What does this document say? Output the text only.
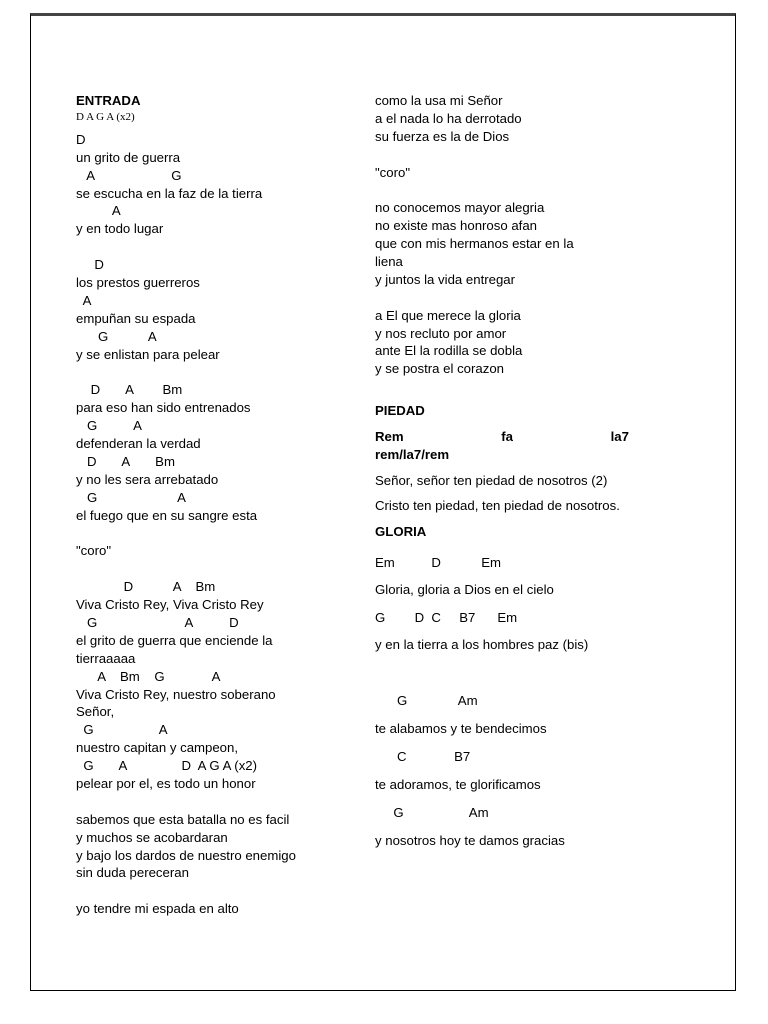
ENTRADA
D A G A (x2)
D
un grito de guerra
A                     G
se escucha en la faz de la tierra
A
y en todo lugar
D
los prestos guerreros
A
empuñan su espada
G           A
y se enlistan para pelear
D       A        Bm
para eso han sido entrenados
G          A
defenderan la verdad
D       A       Bm
y no les sera arrebatado
G                      A
el fuego que en su sangre esta
"coro"
D           A    Bm
Viva Cristo Rey, Viva Cristo Rey
G                        A          D
el grito de guerra que enciende la
tierraaaaa
A    Bm    G             A
Viva Cristo Rey, nuestro soberano
Señor,
G                  A
nuestro capitan y campeon,
G       A               D  A G A (x2)
pelear por el, es todo un honor
sabemos que esta batalla no es facil
y muchos se acobardaran
y bajo los dardos de nuestro enemigo
sin duda pereceran
yo tendre mi espada en alto
como la usa mi Señor
a el nada lo ha derrotado
su fuerza es la de Dios
"coro"
no conocemos mayor alegria
no existe mas honroso afan
que con mis hermanos estar en la
liena
y juntos la vida entregar
a El que merece la gloria
y nos recluto por amor
ante El la rodilla se dobla
y se postra el corazon
PIEDAD
Rem	fa	la7
rem/la7/rem
Señor, señor ten piedad de nosotros (2)
Cristo ten piedad, ten piedad de nosotros.
GLORIA
Em          D           Em
Gloria, gloria a Dios en el cielo
G        D  C     B7      Em
y en la tierra a los hombres paz (bis)
G              Am
te alabamos y te bendecimos
C             B7
te adoramos, te glorificamos
G                  Am
y nosotros hoy te damos gracias
